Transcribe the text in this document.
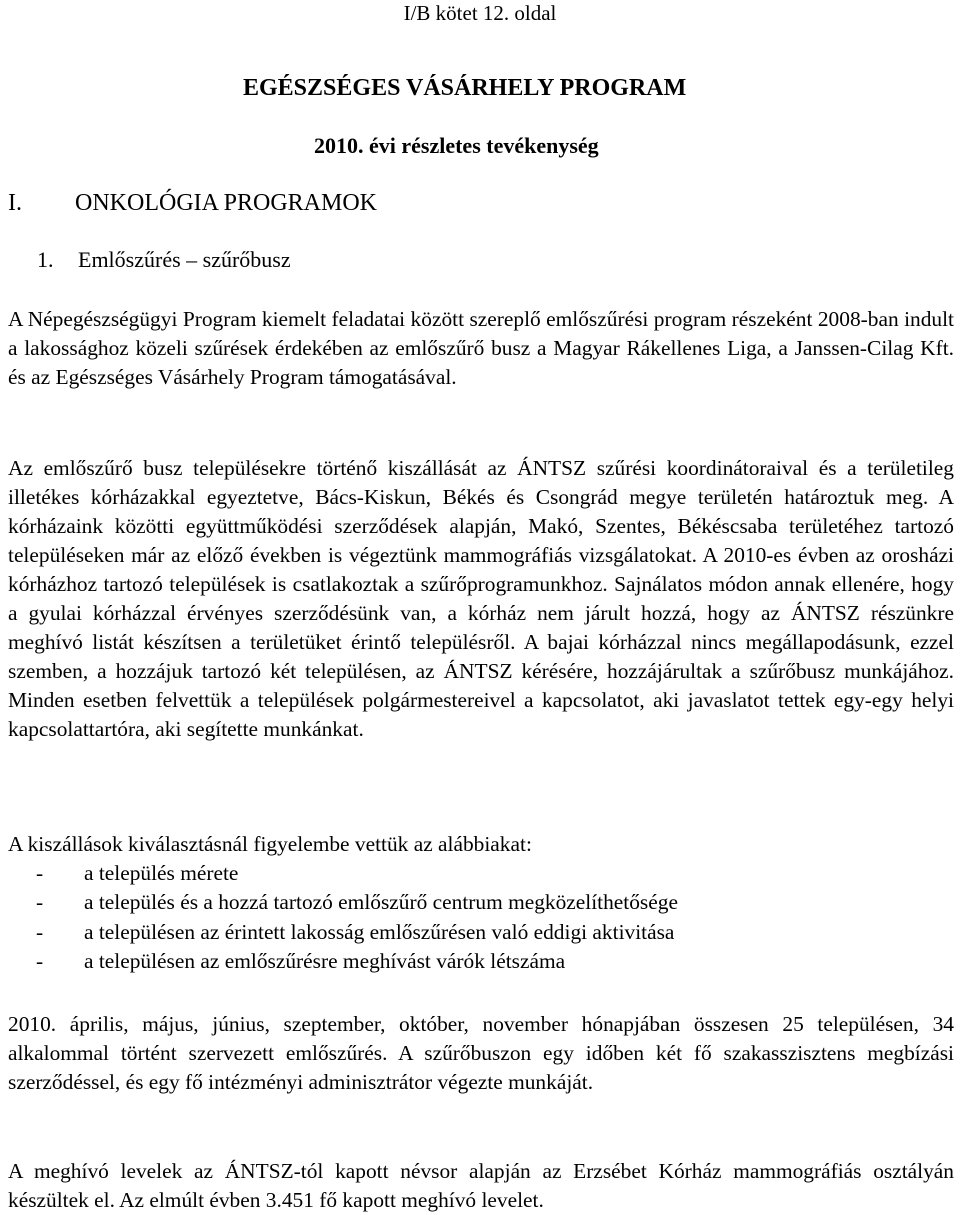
I/B kötet 12. oldal
EGÉSZSÉGES VÁSÁRHELY PROGRAM
2010. évi részletes tevékenység
I. ONKOLÓGIA PROGRAMOK
1. Emlőszűrés – szűrőbusz

A Népegészségügyi Program kiemelt feladatai között szereplő emlőszűrési program részeként 2008-ban indult a lakossághoz közeli szűrések érdekében az emlőszűrő busz a Magyar Rákellenes Liga, a Janssen-Cilag Kft. és az Egészséges Vásárhely Program támogatásával.

Az emlőszűrő busz településekre történő kiszállását az ÁNTSZ szűrési koordinátoraival és a területileg illetékes kórházakkal egyeztetve, Bács-Kiskun, Békés és Csongrád megye területén határoztuk meg. A kórházaink közötti együttműködési szerződések alapján, Makó, Szentes, Békéscsaba területéhez tartozó településeken már az előző években is végeztünk mammográfiás vizsgálatokat. A 2010-es évben az orosházi kórházhoz tartozó települések is csatlakoztak a szűrőprogramunkhoz. Sajnálatos módon annak ellenére, hogy a gyulai kórházzal érvényes szerződésünk van, a kórház nem járult hozzá, hogy az ÁNTSZ részünkre meghívó listát készítsen a területüket érintő településről. A bajai kórházzal nincs megállapodásunk, ezzel szemben, a hozzájuk tartozó két településen, az ÁNTSZ kérésére, hozzájárultak a szűrőbusz munkájához. Minden esetben felvettük a települések polgármestereivel a kapcsolatot, aki javaslatot tettek egy-egy helyi kapcsolattartóra, aki segítette munkánkat.

A kiszállások kiválasztásnál figyelembe vettük az alábbiakat:

-	a település mérete
-	a település és a hozzá tartozó emlőszűrő centrum megközelíthetősége
-	a településen az érintett lakosság emlőszűrésen való eddigi aktivitása
-	a településen az emlőszűrésre meghívást várók létszáma

2010. április, május, június, szeptember, október, november hónapjában összesen 25 településen, 34 alkalommal történt szervezett emlőszűrés. A szűrőbuszon egy időben két fő szakasszisztens megbízási szerződéssel, és egy fő intézményi adminisztrátor végezte munkáját.

A meghívó levelek az ÁNTSZ-tól kapott névsor alapján az Erzsébet Kórház mammográfiás osztályán készültek el. Az elmúlt évben 3.451 fő kapott meghívó levelet.
